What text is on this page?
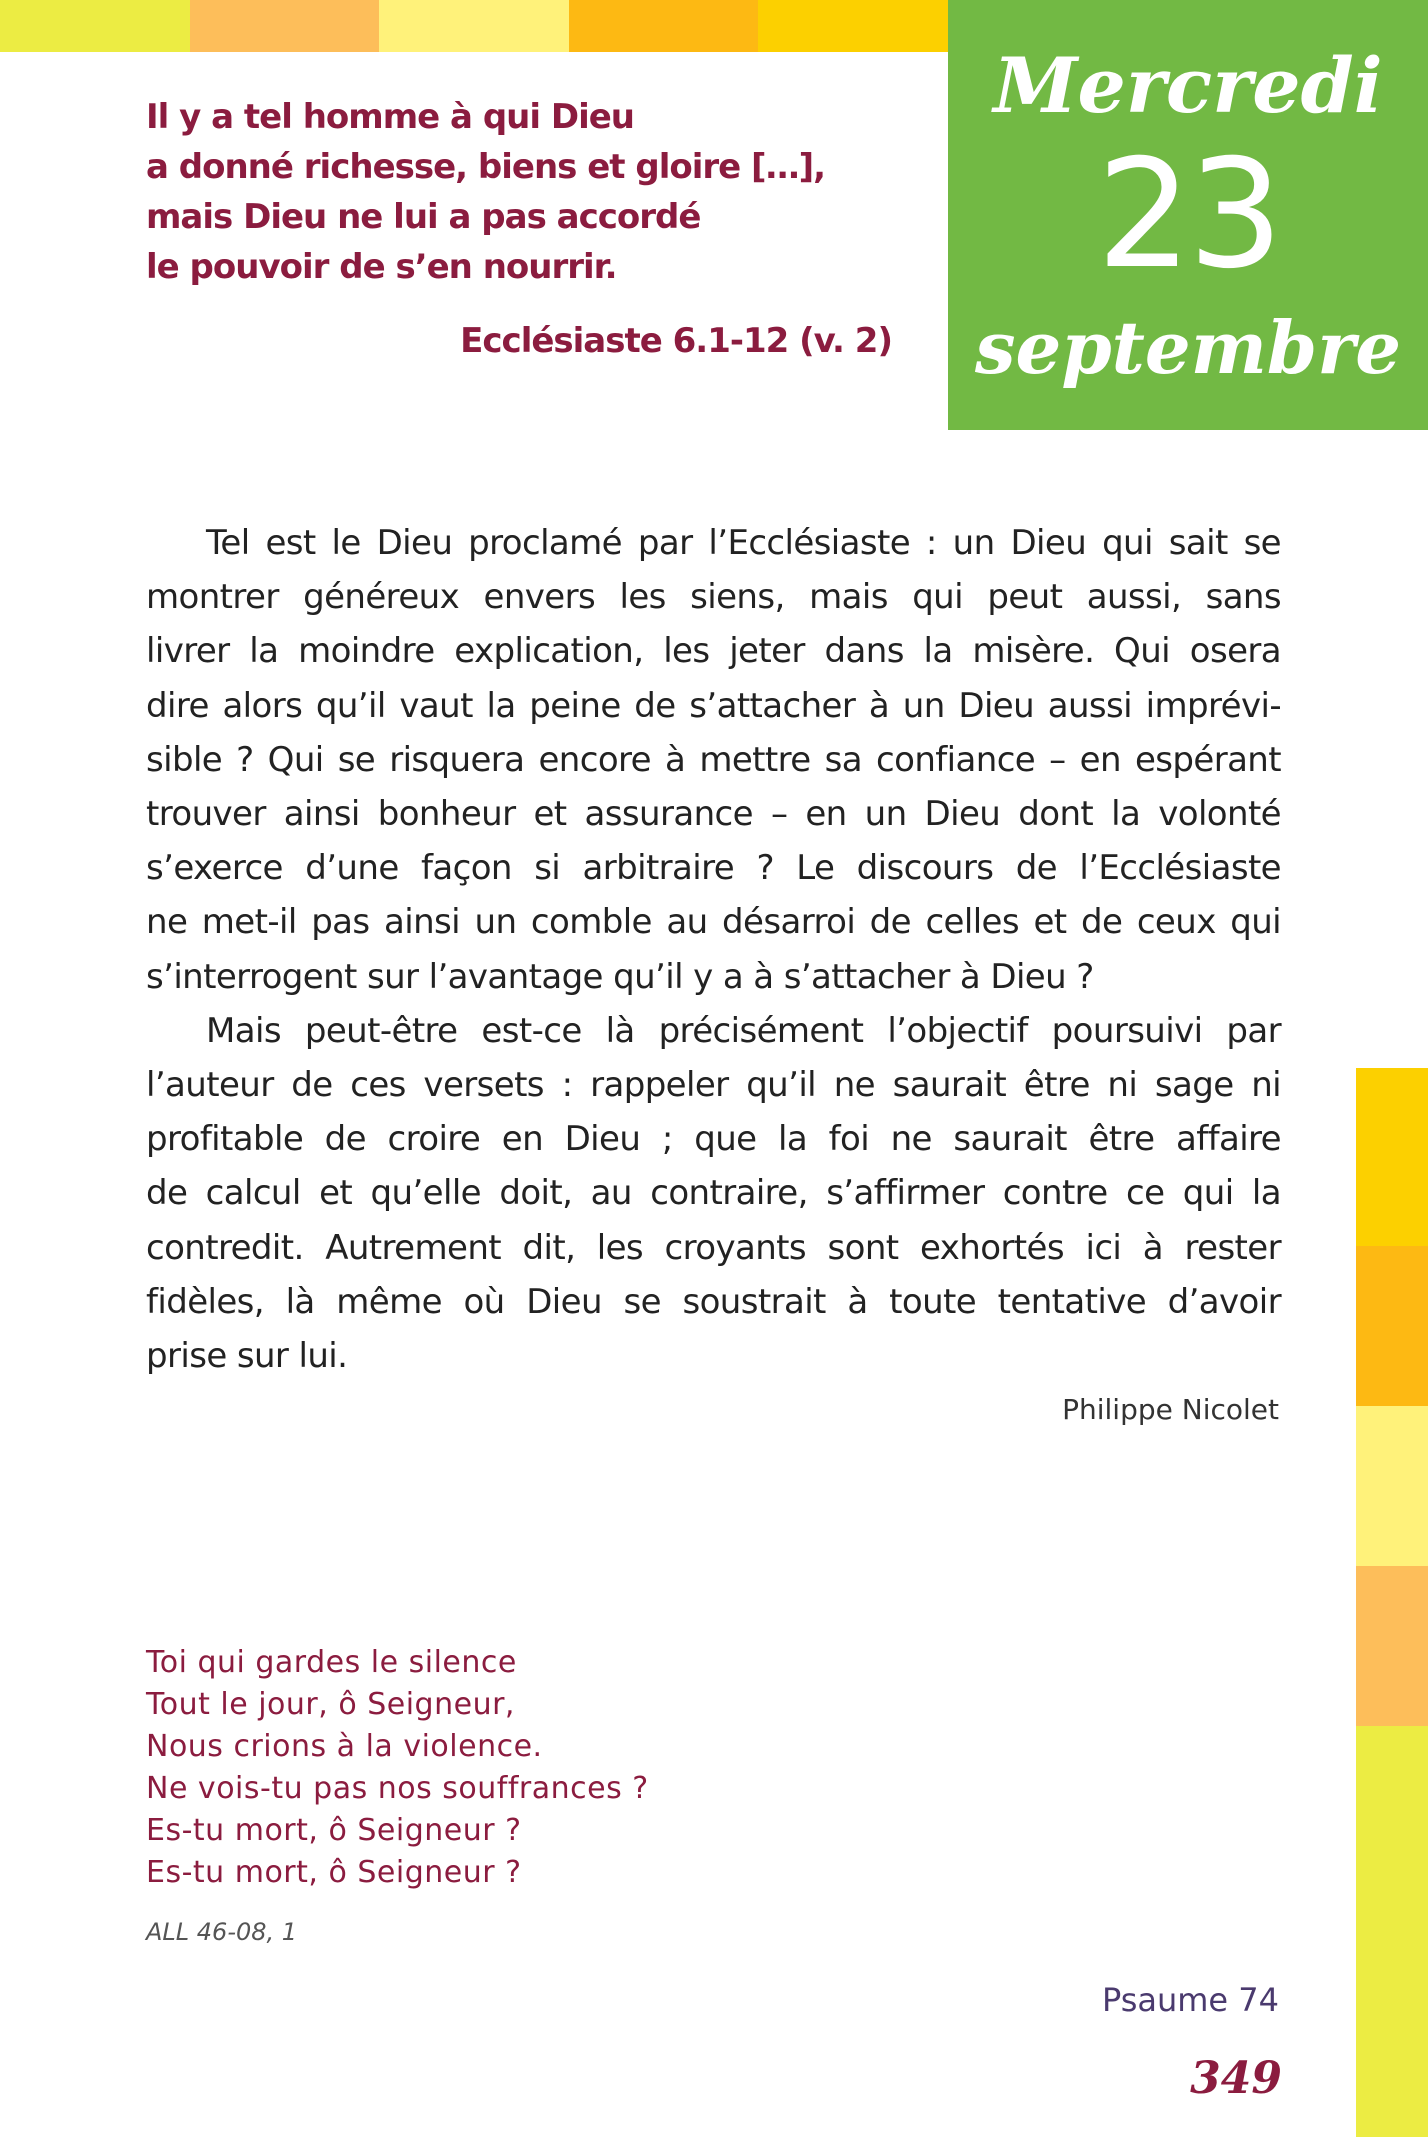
Mercredi
23
septembre
Il y a tel homme à qui Dieu
a donné richesse, biens et gloire […],
mais Dieu ne lui a pas accordé
le pouvoir de s’en nourrir.
Ecclésiaste 6.1-12 (v. 2)
Tel est le Dieu proclamé par l’Ecclésiaste : un Dieu qui sait se
montrer généreux envers les siens, mais qui peut aussi, sans
livrer la moindre explication, les jeter dans la misère. Qui osera
dire alors qu’il vaut la peine de s’attacher à un Dieu aussi imprévi-
sible ? Qui se risquera encore à mettre sa confiance – en espérant
trouver ainsi bonheur et assurance – en un Dieu dont la volonté
s’exerce d’une façon si arbitraire ? Le discours de l’Ecclésiaste
ne met-il pas ainsi un comble au désarroi de celles et de ceux qui
s’interrogent sur l’avantage qu’il y a à s’attacher à Dieu ?
Mais peut-être est-ce là précisément l’objectif poursuivi par
l’auteur de ces versets : rappeler qu’il ne saurait être ni sage ni
profitable de croire en Dieu ; que la foi ne saurait être affaire
de calcul et qu’elle doit, au contraire, s’affirmer contre ce qui la
contredit. Autrement dit, les croyants sont exhortés ici à rester
fidèles, là même où Dieu se soustrait à toute tentative d’avoir
prise sur lui.
Philippe Nicolet
Toi qui gardes le silence
Tout le jour, ô Seigneur,
Nous crions à la violence.
Ne vois-tu pas nos souffrances ?
Es-tu mort, ô Seigneur ?
Es-tu mort, ô Seigneur ?
ALL 46-08, 1
Psaume 74
349
